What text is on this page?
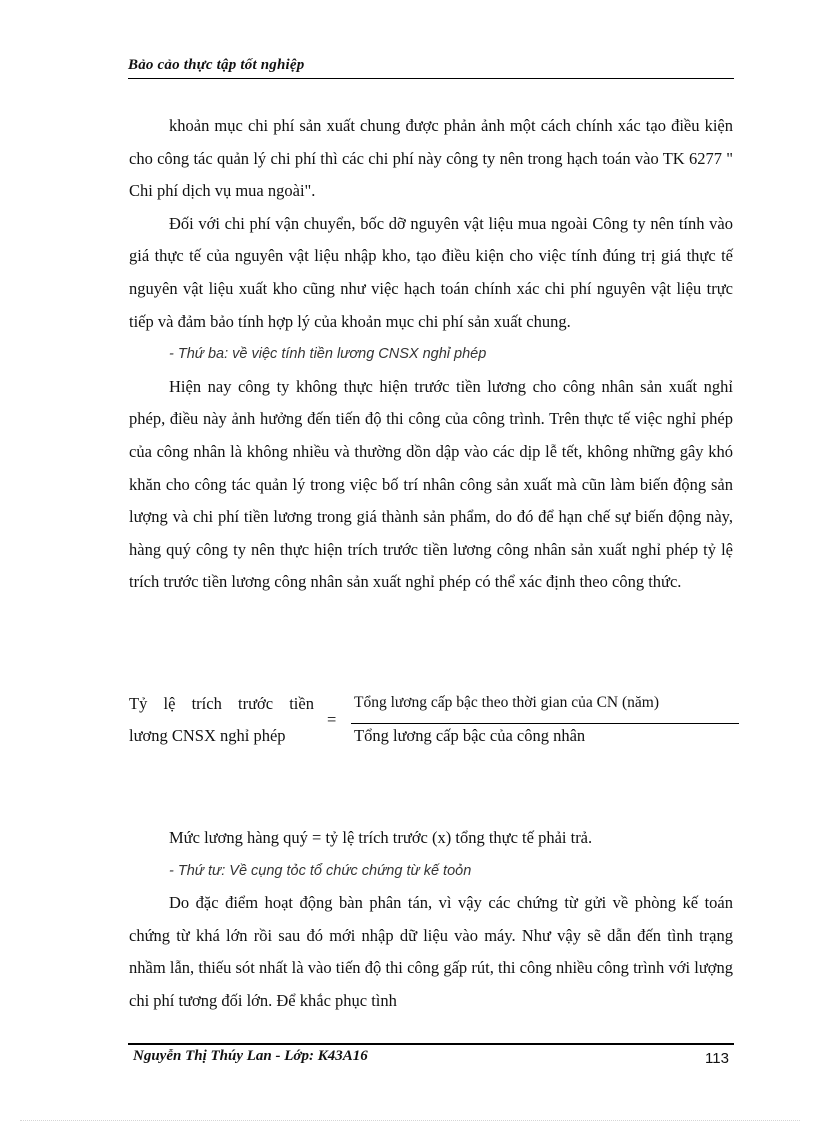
Bảo cảo thực tập tốt nghiệp

khoản mục chi phí sản xuất chung được phản ảnh một cách chính xác tạo điều kiện cho công tác quản lý chi phí thì các chi phí này công ty nên trong hạch toán vào TK 6277 " Chi phí dịch vụ mua ngoài".

Đối với chi phí vận chuyển, bốc dỡ nguyên vật liệu mua ngoài Công ty nên tính vào giá thực tế của nguyên vật liệu nhập kho, tạo điều kiện cho việc tính đúng trị giá thực tế nguyên vật liệu xuất kho cũng như việc hạch toán chính xác chi phí nguyên vật liệu trực tiếp và đảm bảo tính hợp lý của khoản mục chi phí sản xuất chung.

- Thứ ba: về việc tính tiền lương CNSX nghỉ phép

Hiện nay công ty không thực hiện trước tiền lương cho công nhân sản xuất nghỉ phép, điều này ảnh hưởng đến tiến độ thi công của công trình. Trên thực tế việc nghỉ phép của công nhân là không nhiều và thường dồn dập vào các dịp lễ tết, không những gây khó khăn cho công tác quản lý trong việc bố trí nhân công sản xuất mà cũn làm biến động sản lượng và chi phí tiền lương trong giá thành sản phẩm, do đó để hạn chế sự biến động này, hàng quý công ty nên thực hiện trích trước tiền lương công nhân sản xuất nghỉ phép tỷ lệ trích trước tiền lương công nhân sản xuất nghỉ phép có thể xác định theo công thức.

Tỷ lệ trích trước tiền
lương CNSX nghỉ phép
=
Tổng lương cấp bậc theo thời gian của CN (năm)
Tổng lương cấp bậc của công nhân

Mức lương hàng quý = tỷ lệ trích trước (x) tổng thực tế phải trả.

- Thứ tư: Về cụng tỏc tổ chức chứng từ kế toỏn

Do đặc điểm hoạt động bàn phân tán, vì vậy các chứng từ gửi về phòng kế toán chứng từ khá lớn rồi sau đó mới nhập dữ liệu vào máy. Như vậy sẽ dẫn đến tình trạng nhầm lẫn, thiếu sót nhất là vào tiến độ thi công gấp rút, thi công nhiều công trình với lượng chi phí tương đối lớn. Để khắc phục tình

Nguyễn Thị Thúy Lan - Lớp: K43A16	113
